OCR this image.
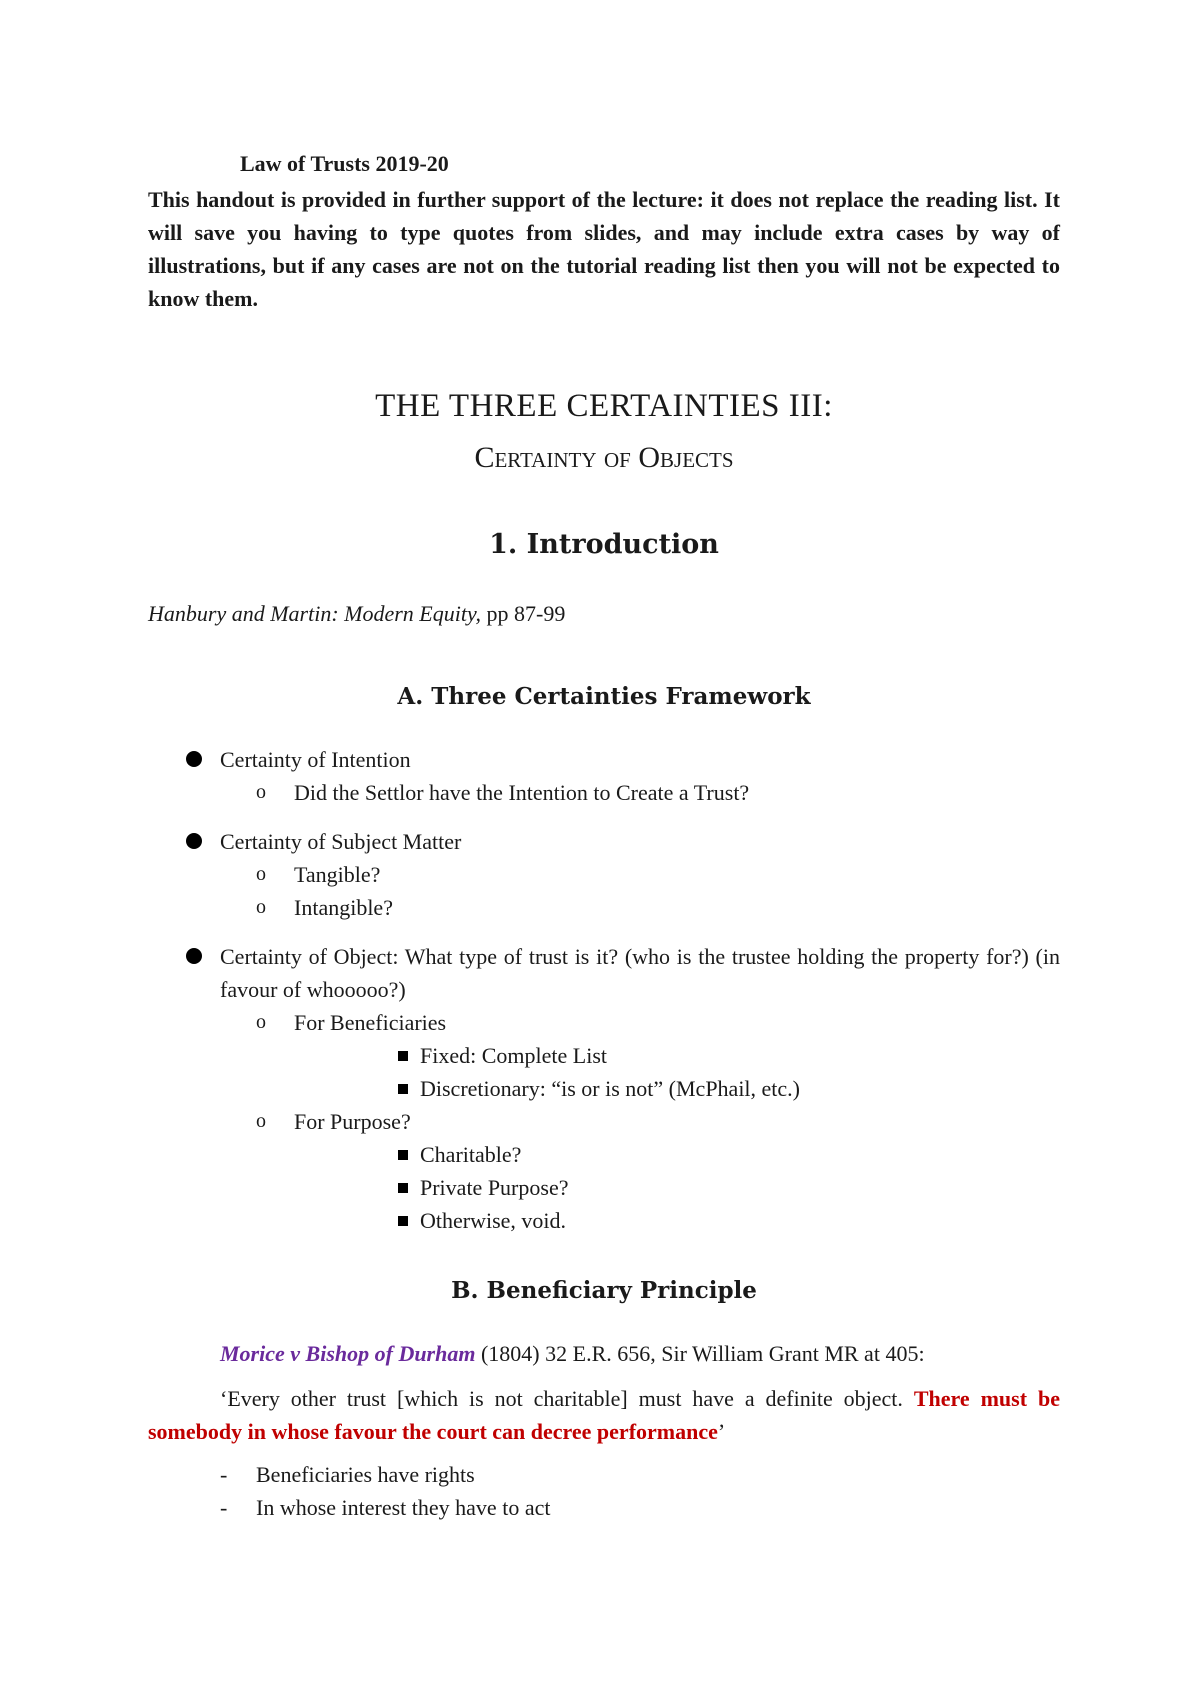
Law of Trusts 2019-20

This handout is provided in further support of the lecture: it does not replace the reading list. It will save you having to type quotes from slides, and may include extra cases by way of illustrations, but if any cases are not on the tutorial reading list then you will not be expected to know them.

THE THREE CERTAINTIES III:
Certainty of Objects
1. Introduction

Hanbury and Martin: Modern Equity, pp 87-99

A. Three Certainties Framework
Certainty of Intention
o	Did the Settlor have the Intention to Create a Trust?
Certainty of Subject Matter
o	Tangible?
o	Intangible?
Certainty of Object: What type of trust is it? (who is the trustee holding the property for?) (in favour of whooooo?)
o	For Beneficiaries
Fixed: Complete List
Discretionary: “is or is not” (McPhail, etc.)
o	For Purpose?
Charitable?
Private Purpose?
Otherwise, void.
B. Beneficiary Principle

Morice v Bishop of Durham (1804) 32 E.R. 656, Sir William Grant MR at 405:

‘Every other trust [which is not charitable] must have a definite object. There must be somebody in whose favour the court can decree performance’

- Beneficiaries have rights
- In whose interest they have to act
